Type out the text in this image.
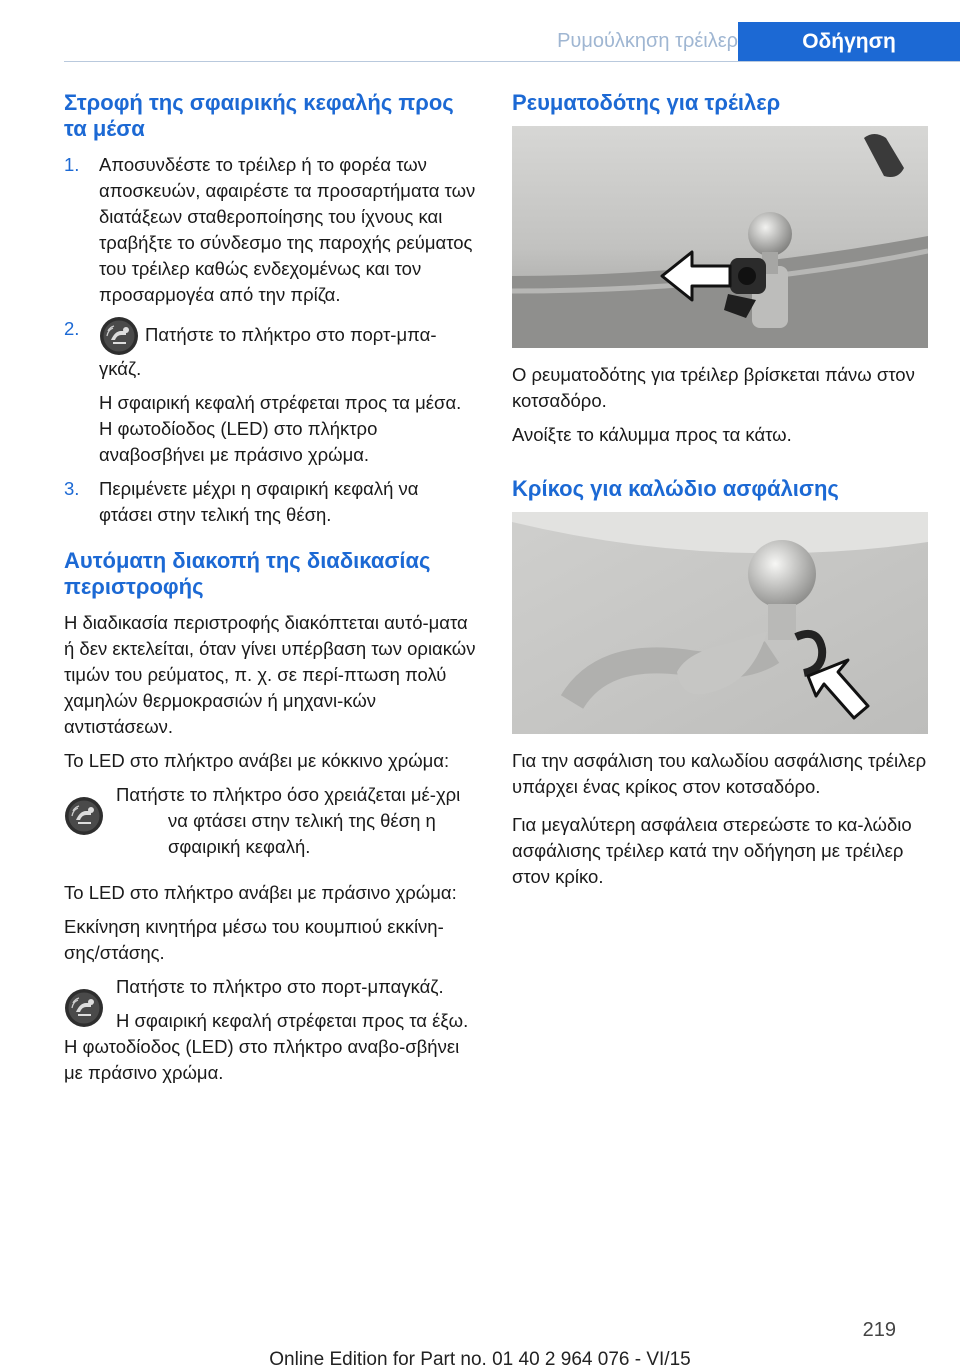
Ρυμούλκηση τρέιλερ	Οδήγηση
Στροφή της σφαιρικής κεφαλής προς τα μέσα
1. Αποσυνδέστε το τρέιλερ ή το φορέα των αποσκευών, αφαιρέστε τα προσαρτήματα των διατάξεων σταθεροποίησης του ίχνους και τραβήξτε το σύνδεσμο της παροχής ρεύματος του τρέιλερ καθώς ενδεχομένως και τον προσαρμογέα από την πρίζα.

2.	Πατήστε το πλήκτρο στο πορτ-μπα‐γκάζ.

Η σφαιρική κεφαλή στρέφεται προς τα μέσα. Η φωτοδίοδος (LED) στο πλήκτρο αναβοσβήνει με πράσινο χρώμα.

3. Περιμένετε μέχρι η σφαιρική κεφαλή να φτάσει στην τελική της θέση.

Αυτόματη διακοπή της διαδικασίας περιστροφής

Η διαδικασία περιστροφής διακόπτεται αυτό‐ματα ή δεν εκτελείται, όταν γίνει υπέρβαση των οριακών τιμών του ρεύματος, π. χ. σε περί‐πτωση πολύ χαμηλών θερμοκρασιών ή μηχανι‐κών αντιστάσεων.

Το LED στο πλήκτρο ανάβει με κόκκινο χρώμα:

Πατήστε το πλήκτρο όσο χρειάζεται μέ‐χρι να φτάσει στην τελική της θέση η σφαιρική κεφαλή.

Το LED στο πλήκτρο ανάβει με πράσινο χρώμα:

Εκκίνηση κινητήρα μέσω του κουμπιού εκκίνη‐σης/στάσης.

Πατήστε το πλήκτρο στο πορτ-μπαγκάζ.

Η σφαιρική κεφαλή στρέφεται προς τα έξω. Η φωτοδίοδος (LED) στο πλήκτρο αναβο‐σβήνει με πράσινο χρώμα.

Ρευματοδότης για τρέιλερ

Ο ρευματοδότης για τρέιλερ βρίσκεται πάνω στον κοτσαδόρο.

Ανοίξτε το κάλυμμα προς τα κάτω.

Κρίκος για καλώδιο ασφάλισης

Για την ασφάλιση του καλωδίου ασφάλισης τρέιλερ υπάρχει ένας κρίκος στον κοτσαδόρο.

Για μεγαλύτερη ασφάλεια στερεώστε το κα‐λώδιο ασφάλισης τρέιλερ κατά την οδήγηση με τρέιλερ στον κρίκο.

219
Online Edition for Part no. 01 40 2 964 076 - VI/15
